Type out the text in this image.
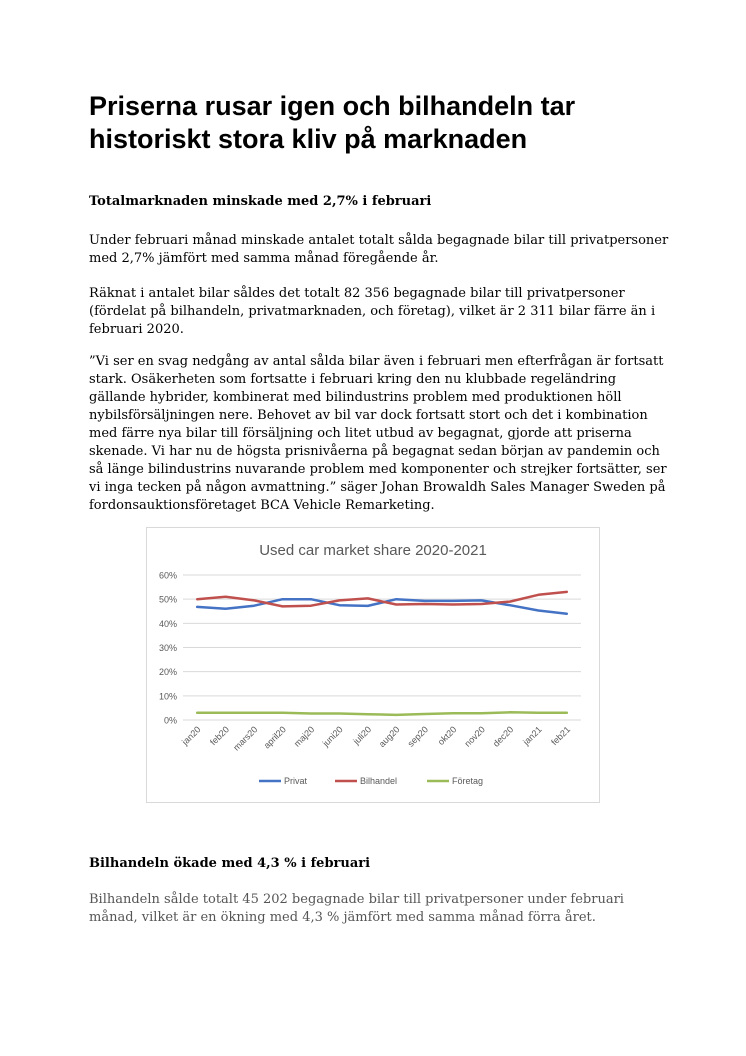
Priserna rusar igen och bilhandeln tar historiskt stora kliv på marknaden

Totalmarknaden minskade med 2,7% i februari

Under februari månad minskade antalet totalt sålda begagnade bilar till privatpersoner med 2,7% jämfört med samma månad föregående år.

Räknat i antalet bilar såldes det totalt 82 356 begagnade bilar till privatpersoner (fördelat på bilhandeln, privatmarknaden, och företag), vilket är 2 311 bilar färre än i februari 2020.

”Vi ser en svag nedgång av antal sålda bilar även i februari men efterfrågan är fortsatt stark. Osäkerheten som fortsatte i februari kring den nu klubbade regeländring gällande hybrider, kombinerat med bilindustrins problem med produktionen höll nybilsförsäljningen nere. Behovet av bil var dock fortsatt stort och det i kombination med färre nya bilar till försäljning och litet utbud av begagnat, gjorde att priserna skenade. Vi har nu de högsta prisnivåerna på begagnat sedan början av pandemin och så länge bilindustrins nuvarande problem med komponenter och strejker fortsätter, ser vi inga tecken på någon avmattning.” säger Johan Browaldh Sales Manager Sweden på fordonsauktionsföretaget BCA Vehicle Remarketing.

Used car market share 2020-2021
0%
10%
20%
30%
40%
50%
60%
jan20 feb20 mars20 april20 maj20 juni20 juli20 aug20 sep20 okt20 nov20 dec20 jan21 feb21
Privat	Bilhandel	Företag

Bilhandeln ökade med 4,3 % i februari

Bilhandeln sålde totalt 45 202 begagnade bilar till privatpersoner under februari månad, vilket är en ökning med 4,3 % jämfört med samma månad förra året.
